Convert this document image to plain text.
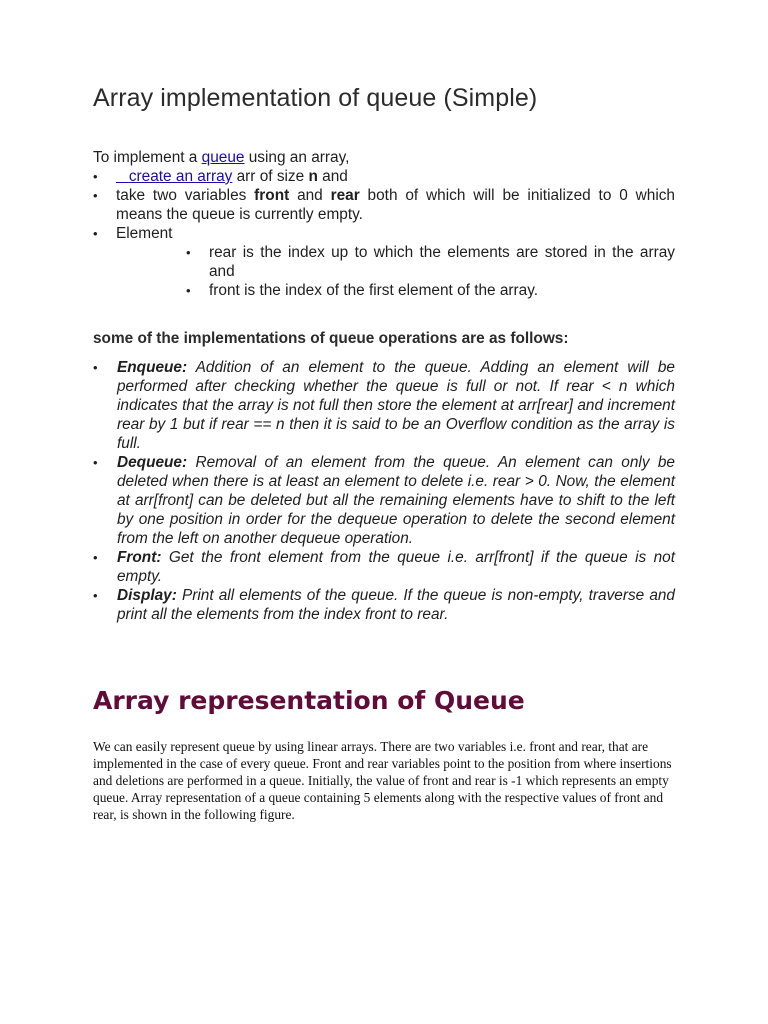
Array implementation of queue (Simple)

To implement a queue using an array,

•    create an array arr of size n and
• take two variables front and rear both of which will be initialized to 0 which means the queue is currently empty.
• Element
• rear is the index up to which the elements are stored in the array and
• front is the index of the first element of the array.
some of the implementations of queue operations are as follows:
• Enqueue: Addition of an element to the queue. Adding an element will be performed after checking whether the queue is full or not. If rear < n which indicates that the array is not full then store the element at arr[rear] and increment rear by 1 but if rear == n then it is said to be an Overflow condition as the array is full.
• Dequeue: Removal of an element from the queue. An element can only be deleted when there is at least an element to delete i.e. rear > 0. Now, the element at arr[front] can be deleted but all the remaining elements have to shift to the left by one position in order for the dequeue operation to delete the second element from the left on another dequeue operation.
• Front: Get the front element from the queue i.e. arr[front] if the queue is not empty.
• Display: Print all elements of the queue. If the queue is non-empty, traverse and print all the elements from the index front to rear.
Array representation of Queue

We can easily represent queue by using linear arrays. There are two variables i.e. front and rear, that are implemented in the case of every queue. Front and rear variables point to the position from where insertions and deletions are performed in a queue. Initially, the value of front and rear is -1 which represents an empty queue. Array representation of a queue containing 5 elements along with the respective values of front and rear, is shown in the following figure.
